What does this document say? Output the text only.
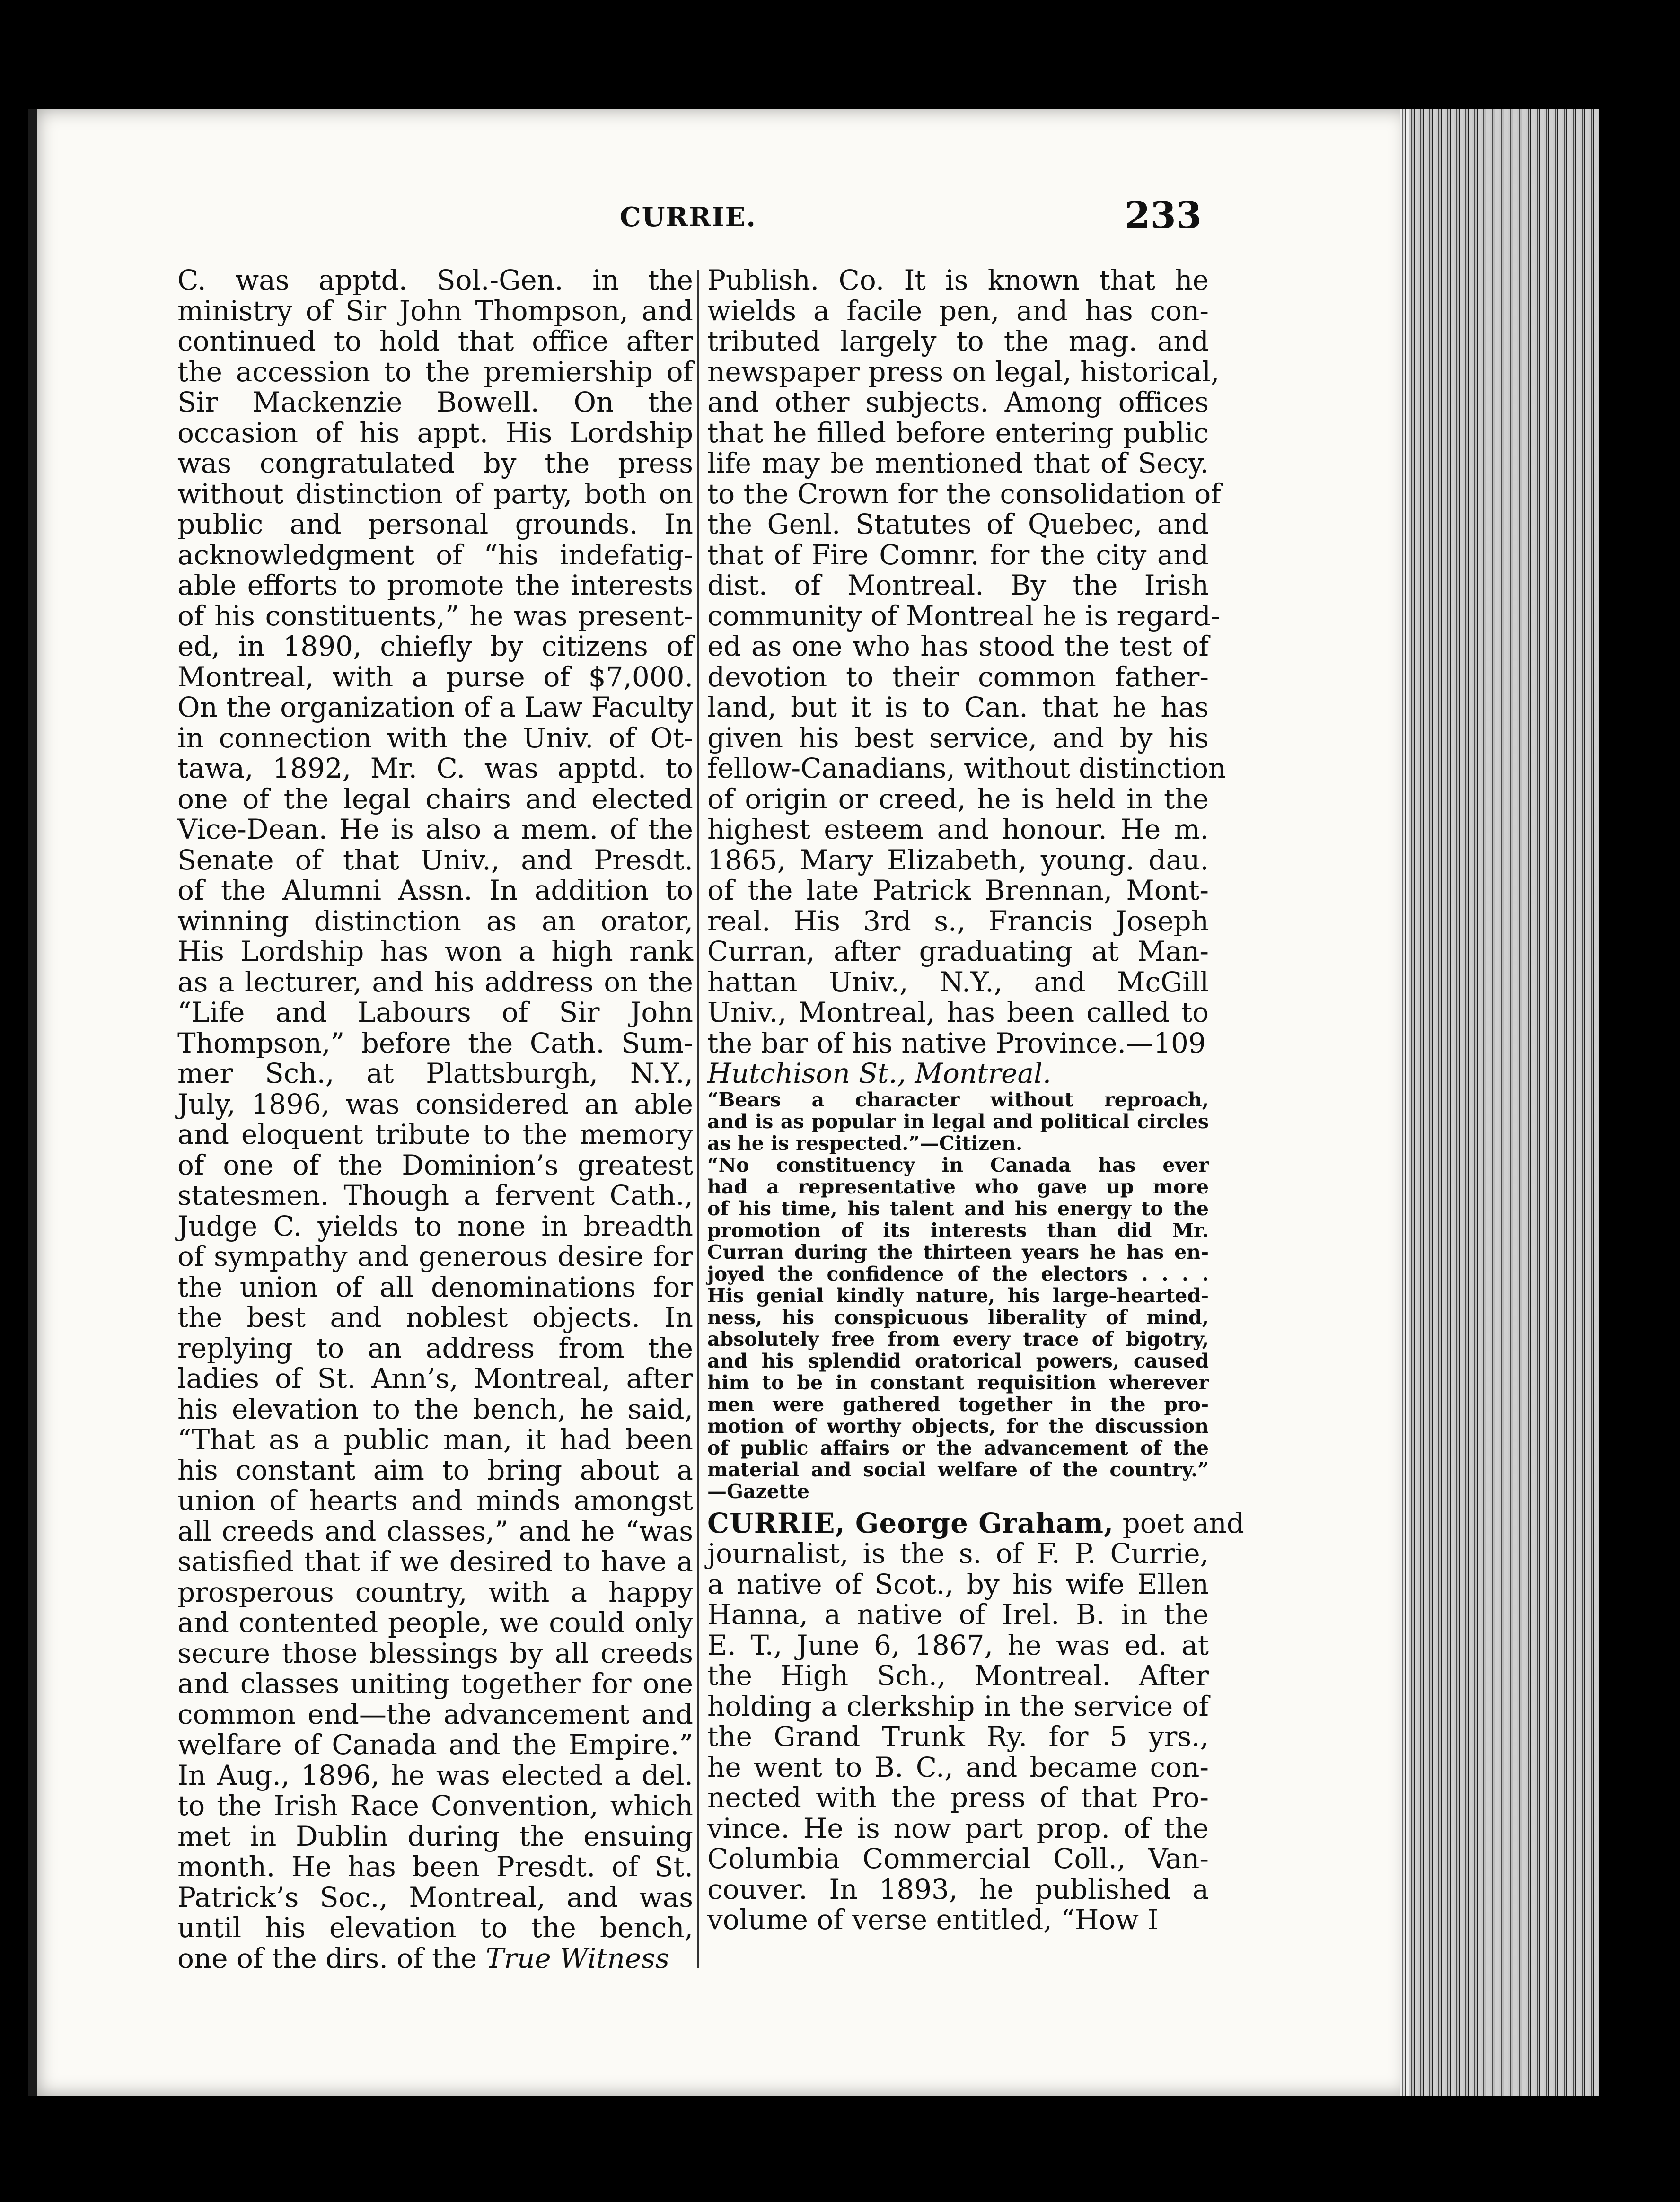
CURRIE.	233
C. was apptd. Sol.-Gen. in the
ministry of Sir John Thompson, and
continued to hold that office after
the accession to the premiership of
Sir Mackenzie Bowell. On the
occasion of his appt. His Lordship
was congratulated by the press
without distinction of party, both on
public and personal grounds. In
acknowledgment of “his indefatig-
able efforts to promote the interests
of his constituents,” he was present-
ed, in 1890, chiefly by citizens of
Montreal, with a purse of $7,000.
On the organization of a Law Faculty
in connection with the Univ. of Ot-
tawa, 1892, Mr. C. was apptd. to
one of the legal chairs and elected
Vice-Dean. He is also a mem. of the
Senate of that Univ., and Presdt.
of the Alumni Assn. In addition to
winning distinction as an orator,
His Lordship has won a high rank
as a lecturer, and his address on the
“Life and Labours of Sir John
Thompson,” before the Cath. Sum-
mer Sch., at Plattsburgh, N.Y.,
July, 1896, was considered an able
and eloquent tribute to the memory
of one of the Dominion’s greatest
statesmen. Though a fervent Cath.,
Judge C. yields to none in breadth
of sympathy and generous desire for
the union of all denominations for
the best and noblest objects. In
replying to an address from the
ladies of St. Ann’s, Montreal, after
his elevation to the bench, he said,
“That as a public man, it had been
his constant aim to bring about a
union of hearts and minds amongst
all creeds and classes,” and he “was
satisfied that if we desired to have a
prosperous country, with a happy
and contented people, we could only
secure those blessings by all creeds
and classes uniting together for one
common end—the advancement and
welfare of Canada and the Empire.”
In Aug., 1896, he was elected a del.
to the Irish Race Convention, which
met in Dublin during the ensuing
month. He has been Presdt. of St.
Patrick’s Soc., Montreal, and was
until his elevation to the bench,
one of the dirs. of the True Witness
Publish. Co. It is known that he
wields a facile pen, and has con-
tributed largely to the mag. and
newspaper press on legal, historical,
and other subjects. Among offices
that he filled before entering public
life may be mentioned that of Secy.
to the Crown for the consolidation of
the Genl. Statutes of Quebec, and
that of Fire Comnr. for the city and
dist. of Montreal. By the Irish
community of Montreal he is regard-
ed as one who has stood the test of
devotion to their common father-
land, but it is to Can. that he has
given his best service, and by his
fellow-Canadians, without distinction
of origin or creed, he is held in the
highest esteem and honour. He m.
1865, Mary Elizabeth, young. dau.
of the late Patrick Brennan, Mont-
real. His 3rd s., Francis Joseph
Curran, after graduating at Man-
hattan Univ., N.Y., and McGill
Univ., Montreal, has been called to
the bar of his native Province.—109
Hutchison St., Montreal.
“Bears a character without reproach,
and is as popular in legal and political circles
as he is respected.”—Citizen.
“No constituency in Canada has ever
had a representative who gave up more
of his time, his talent and his energy to the
promotion of its interests than did Mr.
Curran during the thirteen years he has en-
joyed the confidence of the electors . . . .
His genial kindly nature, his large-hearted-
ness, his conspicuous liberality of mind,
absolutely free from every trace of bigotry,
and his splendid oratorical powers, caused
him to be in constant requisition wherever
men were gathered together in the pro-
motion of worthy objects, for the discussion
of public affairs or the advancement of the
material and social welfare of the country.”
—Gazette
CURRIE, George Graham, poet and
journalist, is the s. of F. P. Currie,
a native of Scot., by his wife Ellen
Hanna, a native of Irel. B. in the
E. T., June 6, 1867, he was ed. at
the High Sch., Montreal. After
holding a clerkship in the service of
the Grand Trunk Ry. for 5 yrs.,
he went to B. C., and became con-
nected with the press of that Pro-
vince. He is now part prop. of the
Columbia Commercial Coll., Van-
couver. In 1893, he published a
volume of verse entitled, “How I
